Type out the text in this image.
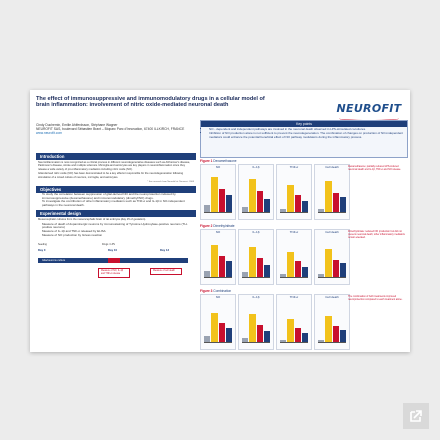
The effect of immunosuppressive and immunomodulatory drugs in a cellular model of brain inflammation: involvement of nitric oxide-mediated neuronal death
Cindy Duchemin, Emilie Ahlferdsson, Stéphane Wagner
NEUROFIT SAS, boulevard Sébastien Brant – Bioparc Parc d'Innovation, 67400 ILLKIRCH, FRANCE
www.neurofit.com
NEUROFIT
Key points
• NO - dependent and independent pathways are involved in the neuronal death observed in LPS-stimulated cocultures.
• Inhibition of NO production alone is not sufficient to prevent the neurodegeneration. The combination of changes on production of NO-independent mediators could enhance the potential beneficial effect of NO pathway modulators during the inflammatory process.
Introduction

Neuroinflammation is now recognized as a critical process in different neurodegenerative diseases such as Alzheimer's disease, Parkinson's disease, stroke and multiple sclerosis. Microglia and astrocytes are key players in neuroinflammation since they release a wide variety of pro-inflammatory mediators including nitric oxide (NO).

Glial-derived nitric oxide (NO) has been demonstrated to be a key effector responsible for the neurodegeneration following stimulation of a mixed culture of neurons, microglia, and astrocytes.

* See research from Neurofit Int. Neurosci. 2008
Objectives
To study the correlation between suppression of glial-derived NO and the neuroprotection induced by immunosuppressive (dexamethasone) and immunomodulatory (dimethyl/NO) drugs.
To investigate the contribution of other inflammatory mediators such as TNF-α and IL-1β in NO-independent pathways in the neuronal death.
Experimental design
Mesencephalic cultures from the mesencephalic brain of rat embryos (day 15 of gestation).
Measure of death of dopaminergic neurons by immunostaining of Tyrosine Hydroxylase-positive neurons (TH-positive neurons)
Measure of IL-1β and TNF-α released by ELISA
Measure of NO production by Griess reaction
Seeding	Drugs / LPS
Day 0	Day 10	Day 13
Glia/neurons culture
Measure of NO, IL-1β and TNF-α release
Measure of cell death
Figure 1 Dexamethasone
NO	IL-1β	TNF-α	Cell death	Dexamethasone: partially reduced LPS-induced neuronal death and IL-1β, TNF-α and NO release.
Figure 2 Dimethylnitrate
NO	IL-1β	TNF-α	Cell death	Dimethylnitrate: reduced NO production but did not prevent neuronal death; other inflammatory mediators remain elevated.
Figure 3 Combination
NO	IL-1β	TNF-α	Cell death	The combination of both treatments improved neuroprotection compared to each treatment alone.
